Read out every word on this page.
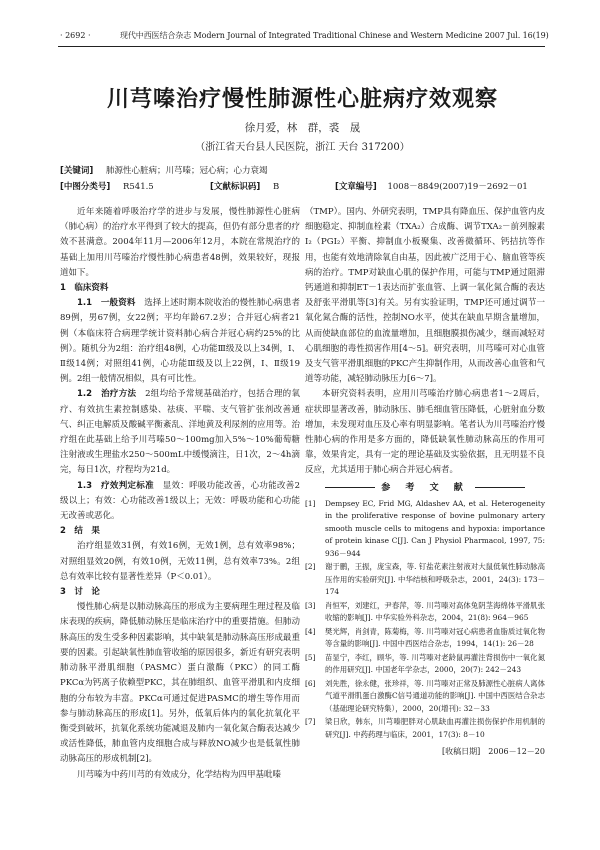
· 2692 ·	现代中西医结合杂志 Modern Journal of Integrated Traditional Chinese and Western Medicine 2007 Jul. 16(19)
川芎嗪治疗慢性肺源性心脏病疗效观察
徐月爱，林　群，裘　晟
（浙江省天台县人民医院，浙江 天台 317200）
[关键词] 肺源性心脏病；川芎嗪；冠心病；心力衰竭
[中图分类号] R541.5	[文献标识码] B	[文章编号] 1008－8849(2007)19－2692－01

近年来随着呼吸治疗学的进步与发展，慢性肺源性心脏病（肺心病）的治疗水平得到了较大的提高，但仍有部分患者的疗效不甚满意。2004年11月—2006年12月，本院在常规治疗的基础上加用川芎嗪治疗慢性肺心病患者48例，效果较好，现报道如下。

1　临床资料

1.1　一般资料　 选择上述时期本院收治的慢性肺心病患者89例，男67例，女22例；平均年龄67.2岁；合并冠心病者21例（本临床符合病理学统计资料肺心病合并冠心病约25%的比例）。随机分为2组：治疗组48例，心功能Ⅲ级及以上34例，Ⅰ、Ⅱ级14例；对照组41例，心功能Ⅲ级及以上22例，Ⅰ、Ⅱ级19例。2组一般情况相似，具有可比性。

1.2　治疗方法　 2组均给予常规基础治疗，包括合理的氧疗、有效抗生素控制感染、祛痰、平喘、支气管扩张剂改善通气、纠正电解质及酸碱平衡紊乱、洋地黄及利尿剂的应用等。治疗组在此基础上给予川芎嗪50～100mg加入5%～10%葡萄糖注射液或生理盐水250～500mL中缓慢滴注，日1次，2～4h滴完，每日1次，疗程均为21d。

1.3　疗效判定标准　 显效：呼吸功能改善，心功能改善2级以上；有效：心功能改善1级以上；无效：呼吸功能和心功能无改善或恶化。

2　结　果

治疗组显效31例，有效16例，无效1例，总有效率98%；对照组显效20例，有效10例，无效11例，总有效率73%。2组总有效率比较有显著性差异（P＜0.01）。

3　讨　论

慢性肺心病是以肺动脉高压的形成为主要病理生理过程及临床表现的疾病，降低肺动脉压是临床治疗中的重要措施。但肺动脉高压的发生受多种因素影响，其中缺氧是肺动脉高压形成最重要的因素。引起缺氧性肺血管收缩的原因很多，新近有研究表明肺动脉平滑肌细胞（PASMC）蛋白激酶（PKC）的同工酶PKCα为钙离子依赖型PKC，其在肺组织、血管平滑肌和内皮细胞的分布较为丰富。PKCα可通过促进PASMC的增生等作用而参与肺动脉高压的形成[1]。另外，低氧后体内的氧化抗氧化平衡受到破坏，抗氧化系统功能减退及肺内一氧化氮合酶表达减少或活性降低，肺血管内皮细胞合成与释放NO减少也是低氧性肺动脉高压的形成机制[2]。

川芎嗪为中药川芎的有效成分，化学结构为四甲基吡嗪

（TMP）。国内、外研究表明，TMP具有降血压、保护血管内皮细胞稳定、抑制血栓素（TXA₂）合成酶、调节TXA₂－前列腺素I₂（PGI₂）平衡、抑制血小板聚集、改善微循环、钙拮抗等作用，也能有效地清除氧自由基，因此被广泛用于心、脑血管等疾病的治疗。TMP对缺血心肌的保护作用，可能与TMP通过阻滞钙通道和抑制ET－1表达而扩张血管、上调一氧化氮合酶的表达及舒张平滑肌等[3]有关。另有实验证明，TMP还可通过调节一氧化氮合酶的活性，控制NO水平，使其在缺血早期含量增加，从而使缺血部位的血流量增加，且细胞膜损伤减少，继而减轻对心肌细胞的毒性损害作用[4～5]。研究表明，川芎嗪可对心血管及支气管平滑肌细胞的PKC产生抑制作用，从而改善心血管和气道等功能，减轻肺动脉压力[6～7]。

本研究资料表明，应用川芎嗪治疗肺心病患者1～2周后，症状即显著改善，肺动脉压、肺毛细血管压降低，心脏射血分数增加，未发现对血压及心率有明显影响。笔者认为川芎嗪治疗慢性肺心病的作用是多方面的，降低缺氧性肺动脉高压的作用可靠，效果肯定，具有一定的理论基础及实验依据，且无明显不良反应，尤其适用于肺心病合并冠心病者。

参 考 文 献
[1]	Dempsey EC, Frid MG, Aldashev AA, et al. Heterogeneity in the proliferative response of bovine pulmonary artery smooth muscle cells to mitogens and hypoxia: importance of protein kinase C[J]. Can J Physiol Pharmacol, 1997, 75: 936－944
[2]	谢于鹏，王振，庞宝森，等. 钉盐花素注射液对大鼠低氧性肺动脉高压作用的实验研究[J]. 中华结核和呼吸杂志，2001，24(3): 173－174
[3]	肖恒军，刘建红，尹春萍，等. 川芎嗪对高体兔阴茎海绵体平滑肌张收缩的影响[J]. 中华实验外科杂志，2004，21(8): 964－965
[4]	樊光辉，肖剑青，陈菊梅，等. 川芎嗪对冠心病患者血脂质过氧化物等含量的影响[J]. 中国中西医结合杂志，1994，14(1): 26－28
[5]	苗显宁，李红，顾华，等. 川芎嗪对老龄鼠再灌注背损伤中一氧化氮的作用研究[J]. 中国老年学杂志，2000，20(7): 242－243
[6]	刘先胜，徐永健，张珍祥，等. 川芎嗪对正常及肺源性心脏病人离体气道平滑肌蛋白激酶C信号通道功能的影响[J]. 中国中西医结合杂志（基础理论研究特集），2000，20(增刊): 32－33
[7]	梁日欣，韩东，川芎嗪肥胖对心肌缺血再灌注损伤保护作用机制的研究[J]. 中药药理与临床，2001，17(3): 8－10
[收稿日期]　2006－12－20
